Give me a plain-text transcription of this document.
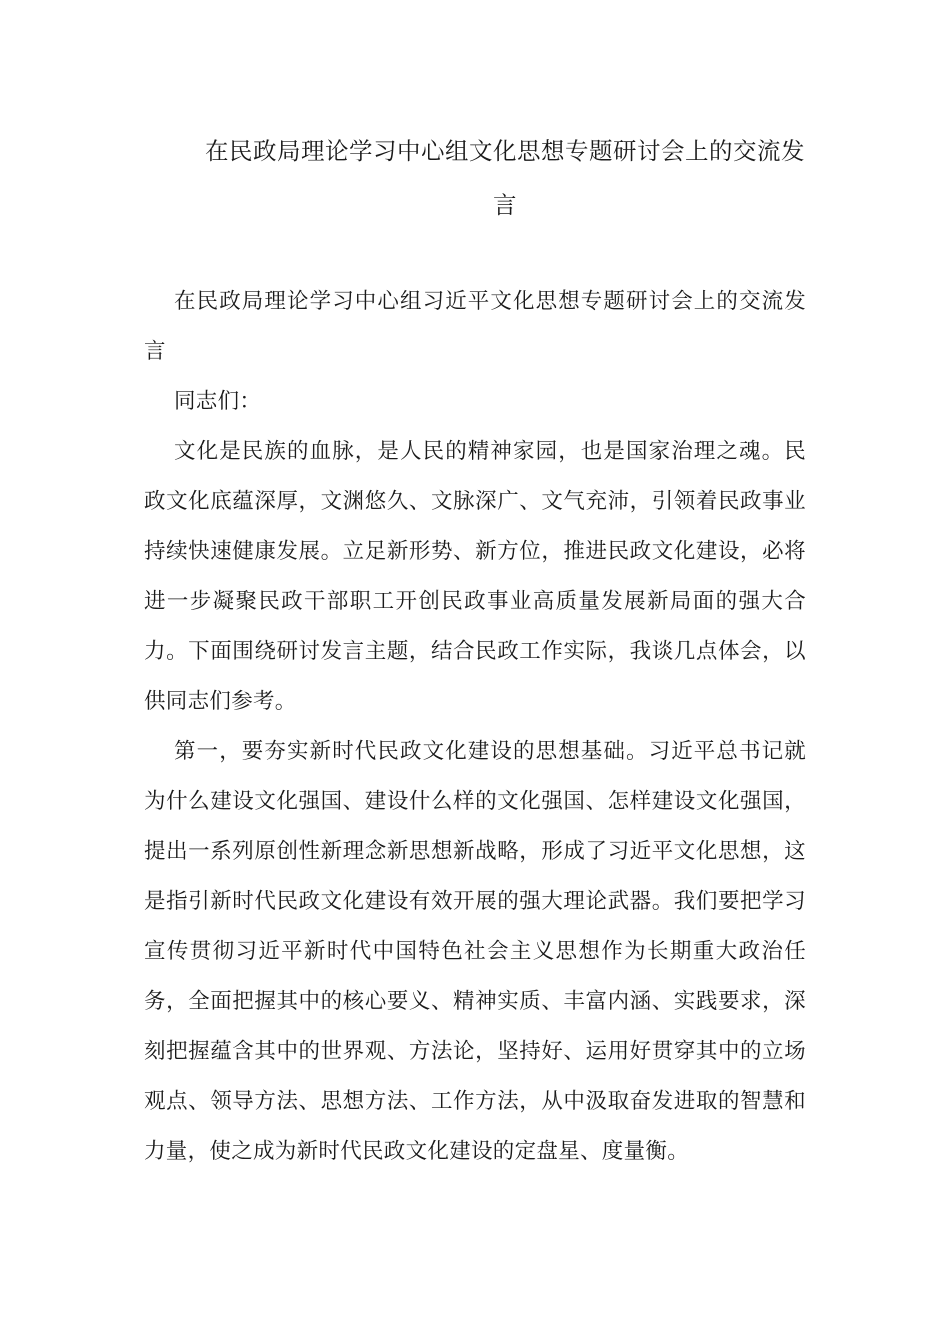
在民政局理论学习中心组文化思想专题研讨会上的交流发言

在民政局理论学习中心组习近平文化思想专题研讨会上的交流发言

同志们：

文化是民族的血脉，是人民的精神家园，也是国家治理之魂。民政文化底蕴深厚，文渊悠久、文脉深广、文气充沛，引领着民政事业持续快速健康发展。立足新形势、新方位，推进民政文化建设，必将进一步凝聚民政干部职工开创民政事业高质量发展新局面的强大合力。下面围绕研讨发言主题，结合民政工作实际，我谈几点体会，以供同志们参考。

第一，要夯实新时代民政文化建设的思想基础。习近平总书记就为什么建设文化强国、建设什么样的文化强国、怎样建设文化强国，提出一系列原创性新理念新思想新战略，形成了习近平文化思想，这是指引新时代民政文化建设有效开展的强大理论武器。我们要把学习宣传贯彻习近平新时代中国特色社会主义思想作为长期重大政治任务，全面把握其中的核心要义、精神实质、丰富内涵、实践要求，深刻把握蕴含其中的世界观、方法论，坚持好、运用好贯穿其中的立场观点、领导方法、思想方法、工作方法，从中汲取奋发进取的智慧和力量，使之成为新时代民政文化建设的定盘星、度量衡。
